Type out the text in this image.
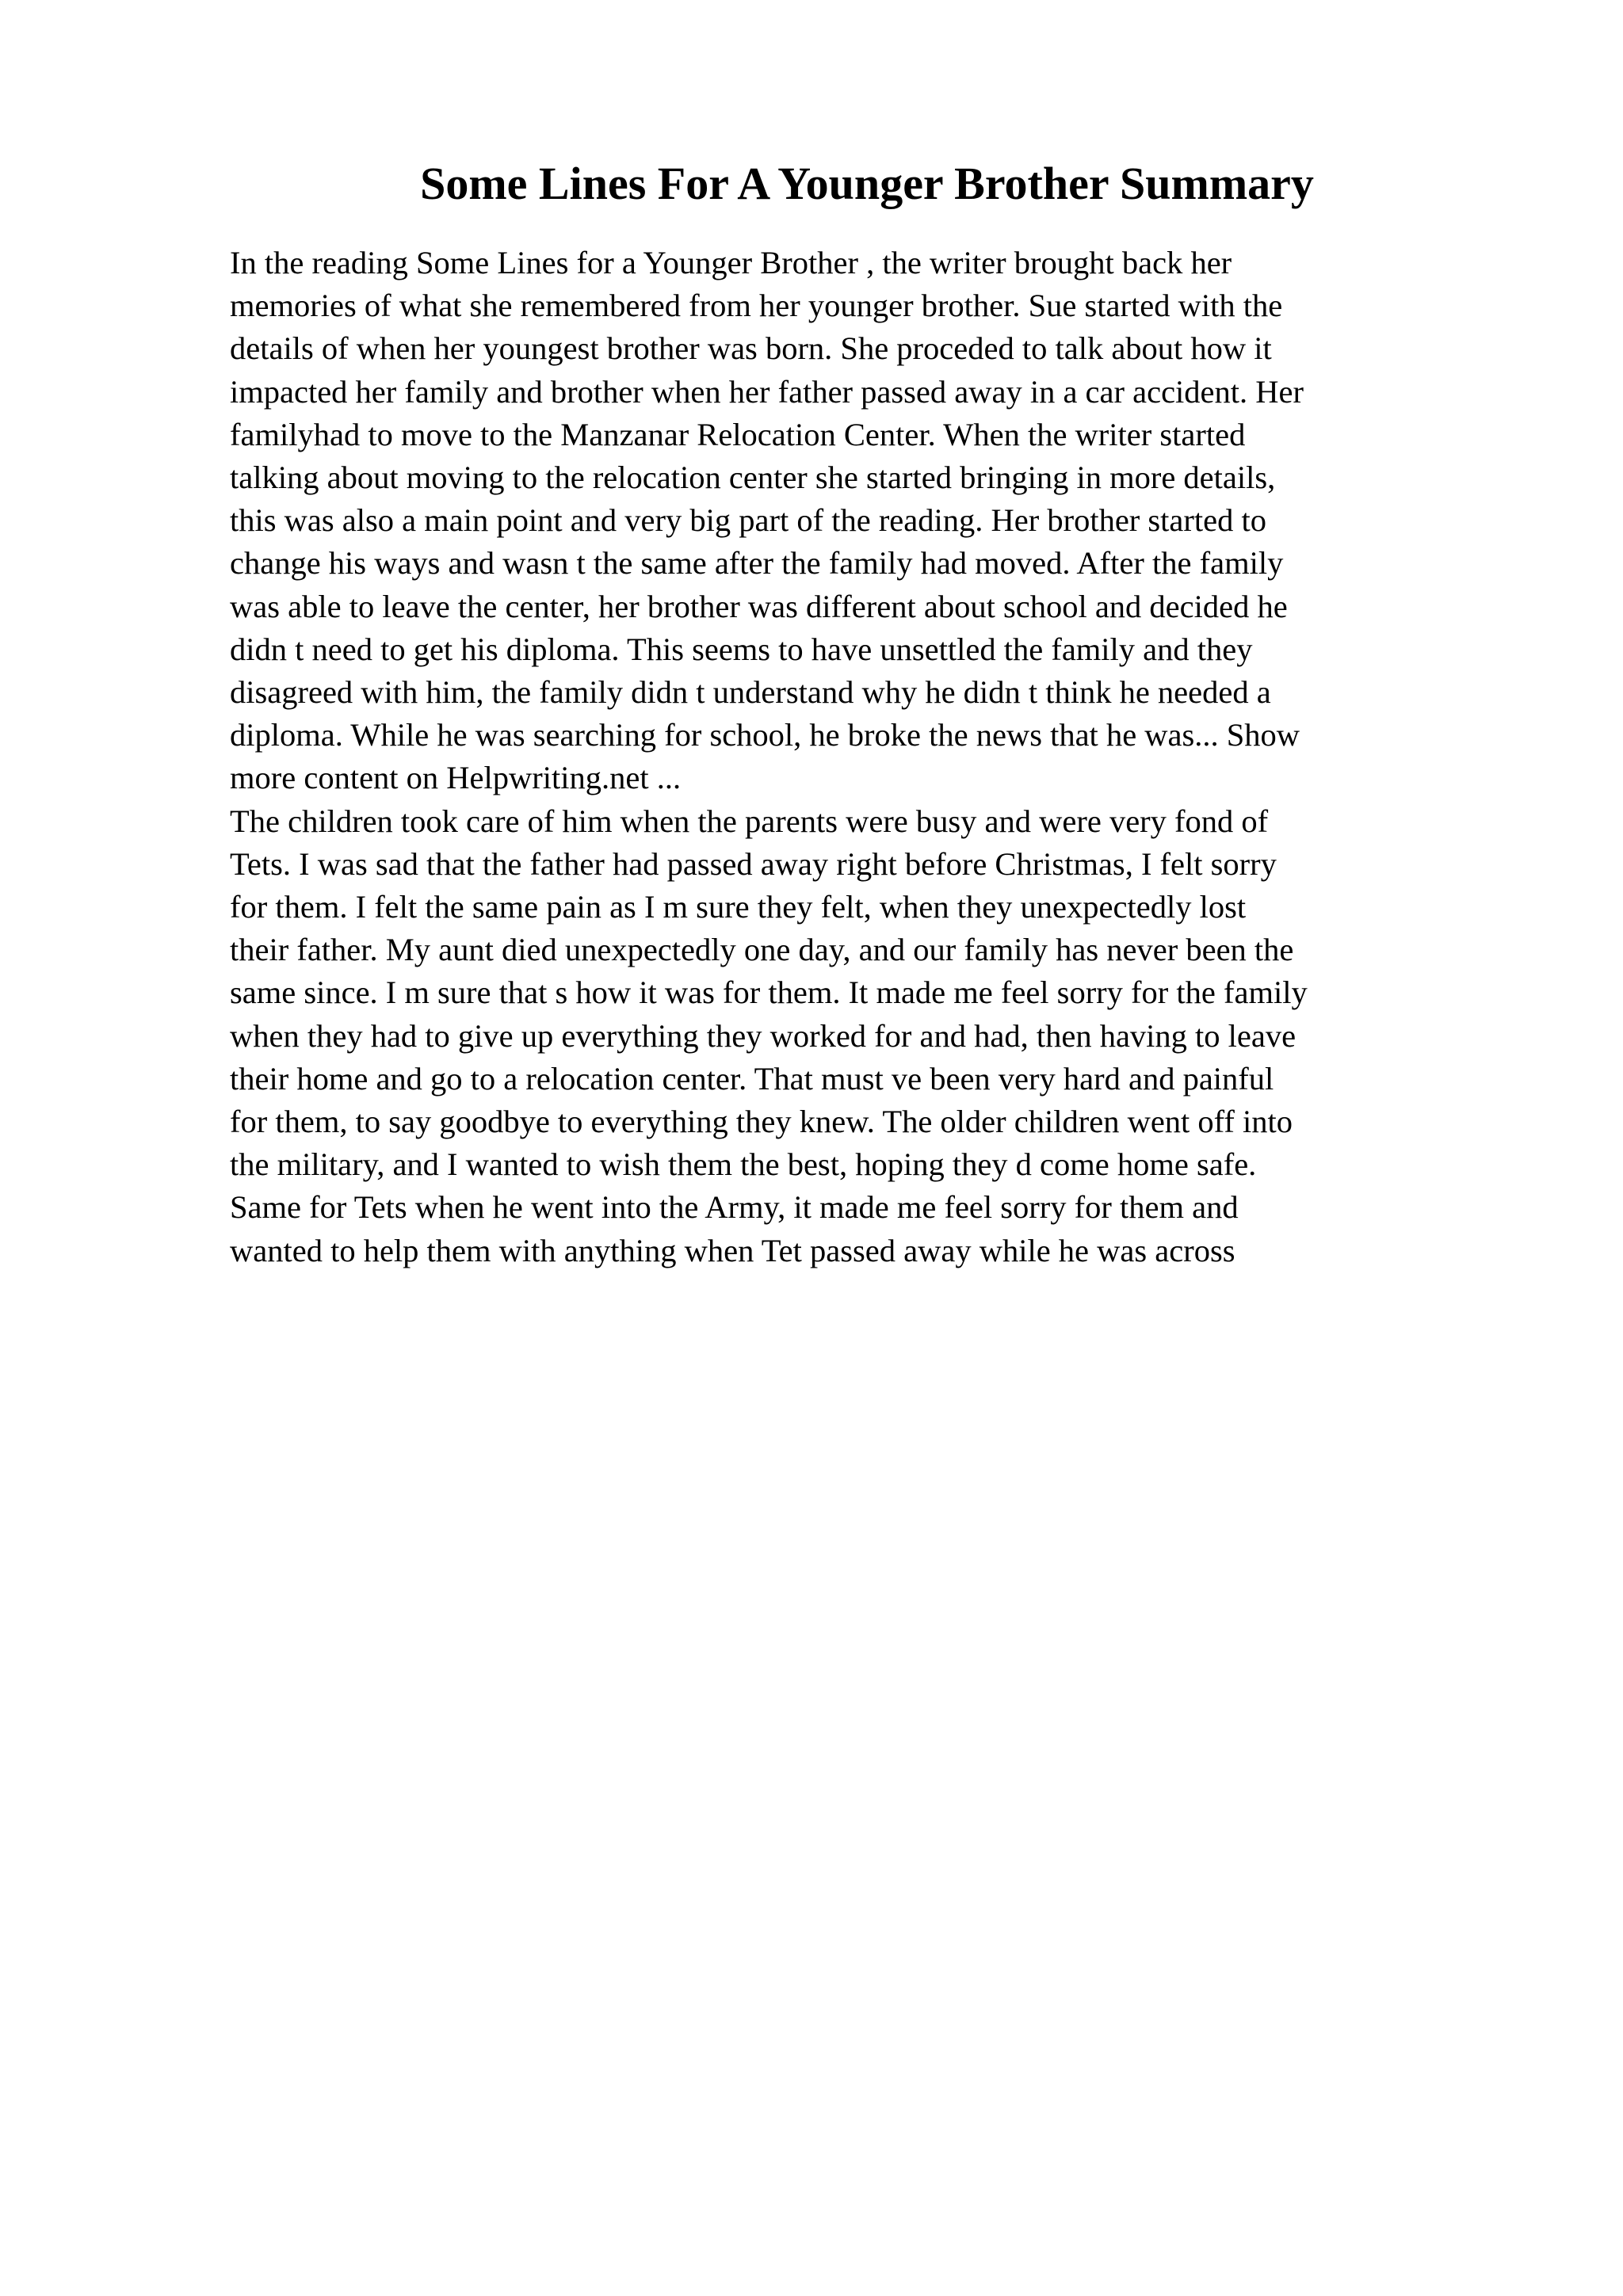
Some Lines For A Younger Brother Summary
In the reading Some Lines for a Younger Brother , the writer brought back her
memories of what she remembered from her younger brother. Sue started with the
details of when her youngest brother was born. She proceded to talk about how it
impacted her family and brother when her father passed away in a car accident. Her
familyhad to move to the Manzanar Relocation Center. When the writer started
talking about moving to the relocation center she started bringing in more details,
this was also a main point and very big part of the reading. Her brother started to
change his ways and wasn t the same after the family had moved. After the family
was able to leave the center, her brother was different about school and decided he
didn t need to get his diploma. This seems to have unsettled the family and they
disagreed with him, the family didn t understand why he didn t think he needed a
diploma. While he was searching for school, he broke the news that he was... Show
more content on Helpwriting.net ...
The children took care of him when the parents were busy and were very fond of
Tets. I was sad that the father had passed away right before Christmas, I felt sorry
for them. I felt the same pain as I m sure they felt, when they unexpectedly lost
their father. My aunt died unexpectedly one day, and our family has never been the
same since. I m sure that s how it was for them. It made me feel sorry for the family
when they had to give up everything they worked for and had, then having to leave
their home and go to a relocation center. That must ve been very hard and painful
for them, to say goodbye to everything they knew. The older children went off into
the military, and I wanted to wish them the best, hoping they d come home safe.
Same for Tets when he went into the Army, it made me feel sorry for them and
wanted to help them with anything when Tet passed away while he was across
